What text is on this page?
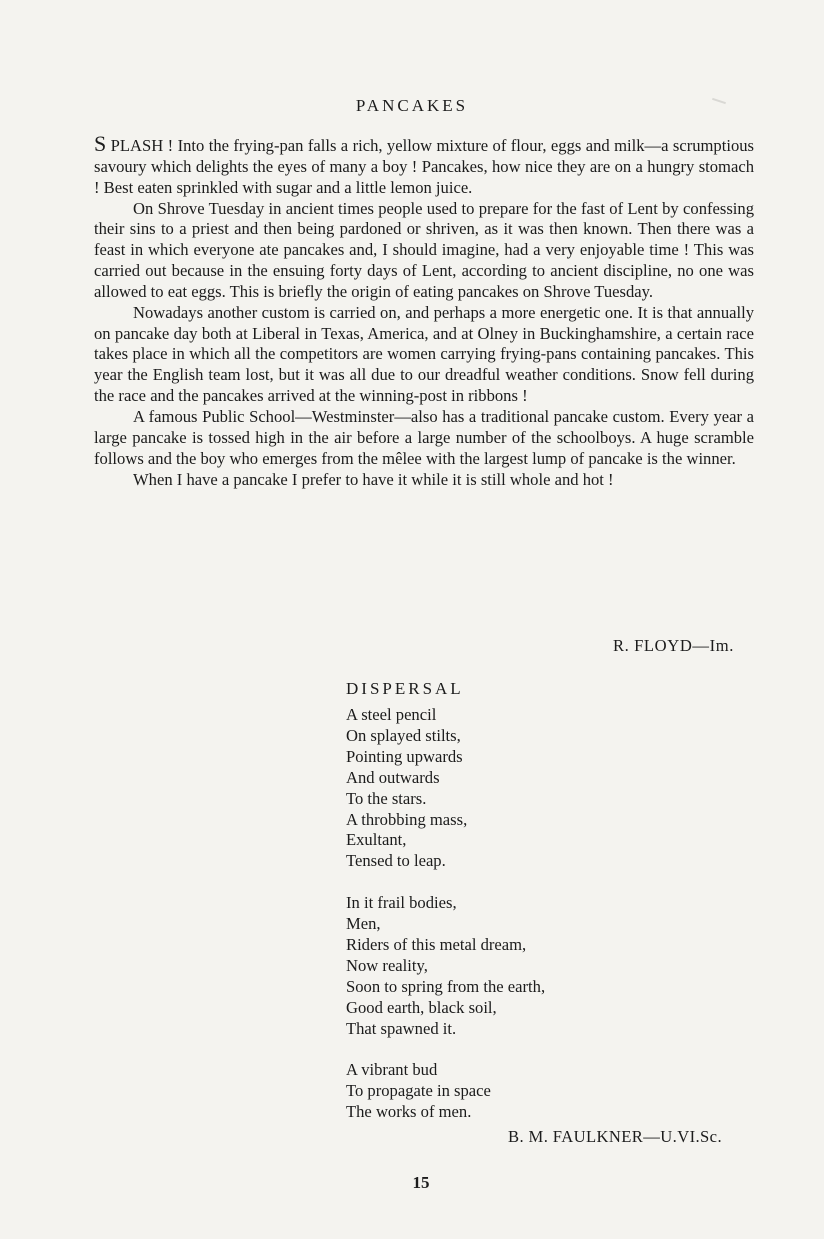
PANCAKES

S PLASH ! Into the frying-pan falls a rich, yellow mixture of flour, eggs and milk—a scrumptious savoury which delights the eyes of many a boy ! Pancakes, how nice they are on a hungry stomach ! Best eaten sprinkled with sugar and a little lemon juice.

On Shrove Tuesday in ancient times people used to prepare for the fast of Lent by confessing their sins to a priest and then being pardoned or shriven, as it was then known. Then there was a feast in which everyone ate pancakes and, I should imagine, had a very enjoyable time ! This was carried out because in the ensuing forty days of Lent, according to ancient discipline, no one was allowed to eat eggs. This is briefly the origin of eating pancakes on Shrove Tuesday.

Nowadays another custom is carried on, and perhaps a more energetic one. It is that annually on pancake day both at Liberal in Texas, America, and at Olney in Buckinghamshire, a certain race takes place in which all the competitors are women carrying frying-pans containing pancakes. This year the English team lost, but it was all due to our dreadful weather conditions. Snow fell during the race and the pancakes arrived at the winning-post in ribbons !

A famous Public School—Westminster—also has a traditional pancake custom. Every year a large pancake is tossed high in the air before a large number of the schoolboys. A huge scramble follows and the boy who emerges from the mêlee with the largest lump of pancake is the winner.

When I have a pancake I prefer to have it while it is still whole and hot !

R. FLOYD—Im.
DISPERSAL
A steel pencil
On splayed stilts,
Pointing upwards
And outwards
To the stars.
A throbbing mass,
Exultant,
Tensed to leap.
In it frail bodies,
Men,
Riders of this metal dream,
Now reality,
Soon to spring from the earth,
Good earth, black soil,
That spawned it.
A vibrant bud
To propagate in space
The works of men.
B. M. FAULKNER—U.VI.Sc.
15
